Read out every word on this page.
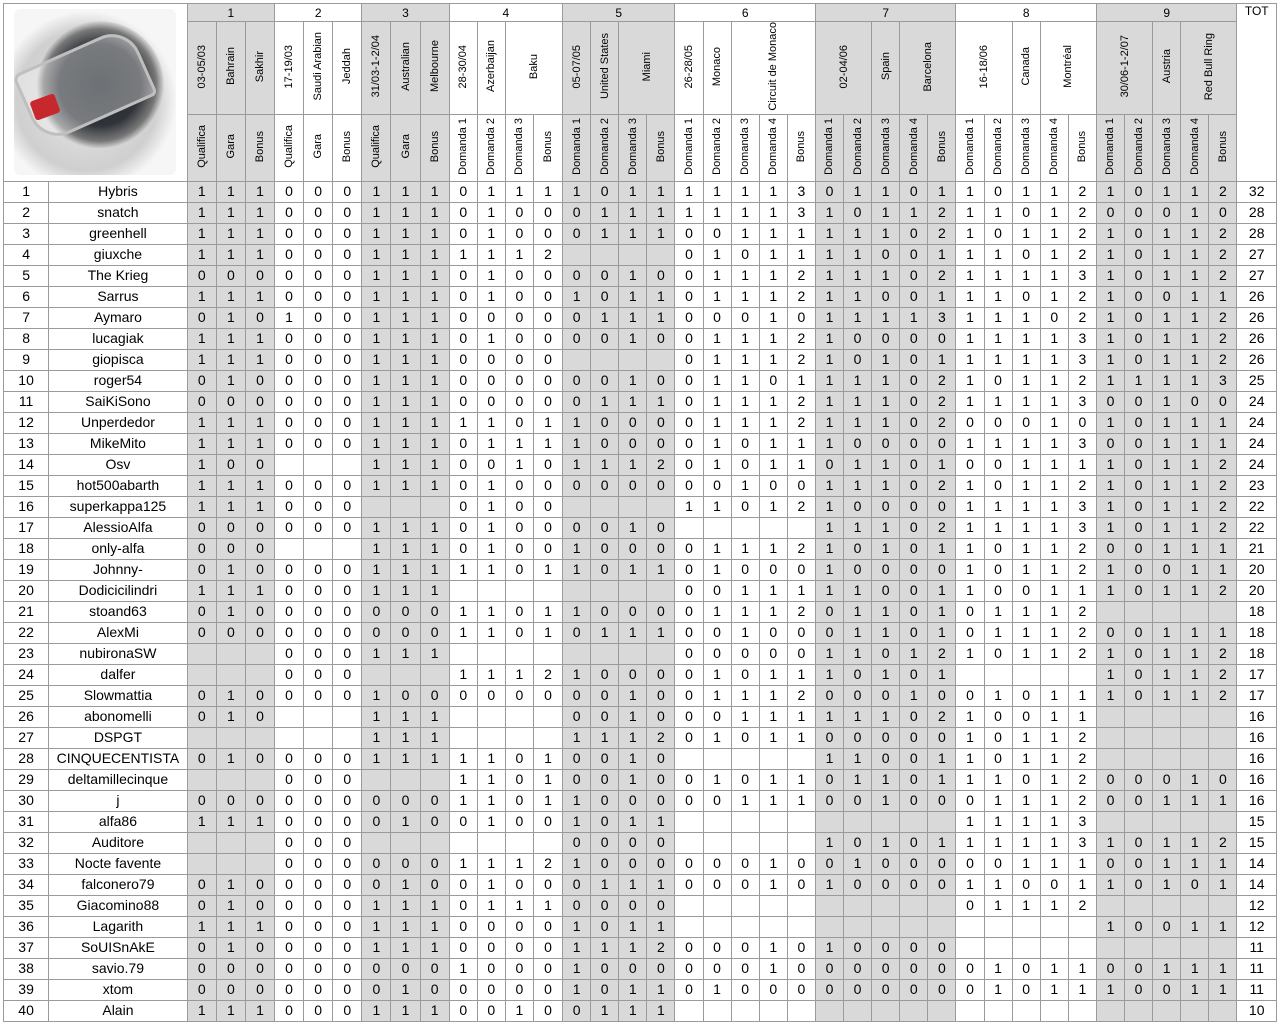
		1			2			3			4				5				6					7					8					9					TOT
		03-05/03	Bahrain	Sakhir	17-19/03	Saudi Arabian	Jeddah	31/03-1-2/04	Australian	Melbourne	28-30/04	Azerbaijan	Baku		05-07/05	United States	Miami		26-28/05	Monaco	Circuit de Monaco			02-04/06		Spain	Barcelona		16-18/06		Canada	Montréal		30/06-1-2/07		Austria	Red Bull Ring		
		Qualifica	Gara	Bonus	Qualifica	Gara	Bonus	Qualifica	Gara	Bonus	Domanda 1	Domanda 2	Domanda 3	Bonus	Domanda 1	Domanda 2	Domanda 3	Bonus	Domanda 1	Domanda 2	Domanda 3	Domanda 4	Bonus	Domanda 1	Domanda 2	Domanda 3	Domanda 4	Bonus	Domanda 1	Domanda 2	Domanda 3	Domanda 4	Bonus	Domanda 1	Domanda 2	Domanda 3	Domanda 4	Bonus	
1	Hybris	1	1	1	0	0	0	1	1	1	0	1	1	1	1	0	1	1	1	1	1	1	3	0	1	1	0	1	1	0	1	1	2	1	0	1	1	2	32
2	snatch	1	1	1	0	0	0	1	1	1	0	1	0	0	0	1	1	1	1	1	1	1	3	1	0	1	1	2	1	1	0	1	2	0	0	0	1	0	28
3	greenhell	1	1	1	0	0	0	1	1	1	0	1	0	0	0	1	1	1	0	0	1	1	1	1	1	1	0	2	1	0	1	1	2	1	0	1	1	2	28
4	giuxche	1	1	1	0	0	0	1	1	1	1	1	1	2					0	1	0	1	1	1	1	0	0	1	1	1	0	1	2	1	0	1	1	2	27
5	The Krieg	0	0	0	0	0	0	1	1	1	0	1	0	0	0	0	1	0	0	1	1	1	2	1	1	1	0	2	1	1	1	1	3	1	0	1	1	2	27
6	Sarrus	1	1	1	0	0	0	1	1	1	0	1	0	0	1	0	1	1	0	1	1	1	2	1	1	0	0	1	1	1	0	1	2	1	0	0	1	1	26
7	Aymaro	0	1	0	1	0	0	1	1	1	0	0	0	0	0	1	1	1	0	0	0	1	0	1	1	1	1	3	1	1	1	0	2	1	0	1	1	2	26
8	lucagiak	1	1	1	0	0	0	1	1	1	0	1	0	0	0	0	1	0	0	1	1	1	2	1	0	0	0	0	1	1	1	1	3	1	0	1	1	2	26
9	giopisca	1	1	1	0	0	0	1	1	1	0	0	0	0					0	1	1	1	2	1	0	1	0	1	1	1	1	1	3	1	0	1	1	2	26
10	roger54	0	1	0	0	0	0	1	1	1	0	0	0	0	0	0	1	0	0	1	1	0	1	1	1	1	0	2	1	0	1	1	2	1	1	1	1	3	25
11	SaiKiSono	0	0	0	0	0	0	1	1	1	0	0	0	0	0	1	1	1	0	1	1	1	2	1	1	1	0	2	1	1	1	1	3	0	0	1	0	0	24
12	Unperdedor	1	1	1	0	0	0	1	1	1	1	1	0	1	1	0	0	0	0	1	1	1	2	1	1	1	0	2	0	0	0	1	0	1	0	1	1	1	24
13	MikeMito	1	1	1	0	0	0	1	1	1	0	1	1	1	1	0	0	0	0	1	0	1	1	1	0	0	0	0	1	1	1	1	3	0	0	1	1	1	24
14	Osv	1	0	0				1	1	1	0	0	1	0	1	1	1	2	0	1	0	1	1	0	1	1	0	1	0	0	1	1	1	1	0	1	1	2	24
15	hot500abarth	1	1	1	0	0	0	1	1	1	0	1	0	0	0	0	0	0	0	0	1	0	0	1	1	1	0	2	1	0	1	1	2	1	0	1	1	2	23
16	superkappa125	1	1	1	0	0	0				0	1	0	0					1	1	0	1	2	1	0	0	0	0	1	1	1	1	3	1	0	1	1	2	22
17	AlessioAlfa	0	0	0	0	0	0	1	1	1	0	1	0	0	0	0	1	0						1	1	1	0	2	1	1	1	1	3	1	0	1	1	2	22
18	only-alfa	0	0	0				1	1	1	0	1	0	0	1	0	0	0	0	1	1	1	2	1	0	1	0	1	1	0	1	1	2	0	0	1	1	1	21
19	Johnny-	0	1	0	0	0	0	1	1	1	1	1	0	1	1	0	1	1	0	1	0	0	0	1	0	0	0	0	1	0	1	1	2	1	0	0	1	1	20
20	Dodicicilindri	1	1	1	0	0	0	1	1	1									0	0	1	1	1	1	1	0	0	1	1	0	0	1	1	1	0	1	1	2	20
21	stoand63	0	1	0	0	0	0	0	0	0	1	1	0	1	1	0	0	0	0	1	1	1	2	0	1	1	0	1	0	1	1	1	2						18
22	AlexMi	0	0	0	0	0	0	0	0	0	1	1	0	1	0	1	1	1	0	0	1	0	0	0	1	1	0	1	0	1	1	1	2	0	0	1	1	1	18
23	nubironaSW				0	0	0	1	1	1									0	0	0	0	0	1	1	0	1	2	1	0	1	1	2	1	0	1	1	2	18
24	dalfer				0	0	0				1	1	1	2	1	0	0	0	0	1	0	1	1	1	0	1	0	1						1	0	1	1	2	17
25	Slowmattia	0	1	0	0	0	0	1	0	0	0	0	0	0	0	0	1	0	0	1	1	1	2	0	0	0	1	0	0	1	0	1	1	1	0	1	1	2	17
26	abonomelli	0	1	0				1	1	1					0	0	1	0	0	0	1	1	1	1	1	1	0	2	1	0	0	1	1						16
27	DSPGT							1	1	1					1	1	1	2	0	1	0	1	1	0	0	0	0	0	1	0	1	1	2						16
28	CINQUECENTISTA	0	1	0	0	0	0	1	1	1	1	1	0	1	0	0	1	0						1	1	0	0	1	1	0	1	1	2						16
29	deltamillecinque				0	0	0				1	1	0	1	0	0	1	0	0	1	0	1	1	0	1	1	0	1	1	1	0	1	2	0	0	0	1	0	16
30	j	0	0	0	0	0	0	0	0	0	1	1	0	1	1	0	0	0	0	0	1	1	1	0	0	1	0	0	0	1	1	1	2	0	0	1	1	1	16
31	alfa86	1	1	1	0	0	0	0	1	0	0	1	0	0	1	0	1	1											1	1	1	1	3						15
32	Auditore				0	0	0								0	0	0	0						1	0	1	0	1	1	1	1	1	3	1	0	1	1	2	15
33	Nocte favente				0	0	0	0	0	0	1	1	1	2	1	0	0	0	0	0	0	1	0	0	1	0	0	0	0	0	1	1	1	0	0	1	1	1	14
34	falconero79	0	1	0	0	0	0	0	1	0	0	1	0	0	0	1	1	1	0	0	0	1	0	1	0	0	0	0	1	1	0	0	1	1	0	1	0	1	14
35	Giacomino88	0	1	0	0	0	0	1	1	1	0	1	1	1	0	0	0	0											0	1	1	1	2						12
36	Lagarith	1	1	1	0	0	0	1	1	1	0	0	0	0	1	0	1	1																1	0	0	1	1	12
37	SoUISnAkE	0	1	0	0	0	0	1	1	1	0	0	0	0	1	1	1	2	0	0	0	1	0	1	0	0	0	0											11
38	savio.79	0	0	0	0	0	0	0	0	0	1	0	0	0	1	0	0	0	0	0	0	1	0	0	0	0	0	0	0	1	0	1	1	0	0	1	1	1	11
39	xtom	0	0	0	0	0	0	0	1	0	0	0	0	0	1	0	1	1	0	1	0	0	0	0	0	0	0	0	0	1	0	1	1	1	0	0	1	1	11
40	Alain	1	1	1	0	0	0	1	1	1	0	0	1	0	0	1	1	1																					10
